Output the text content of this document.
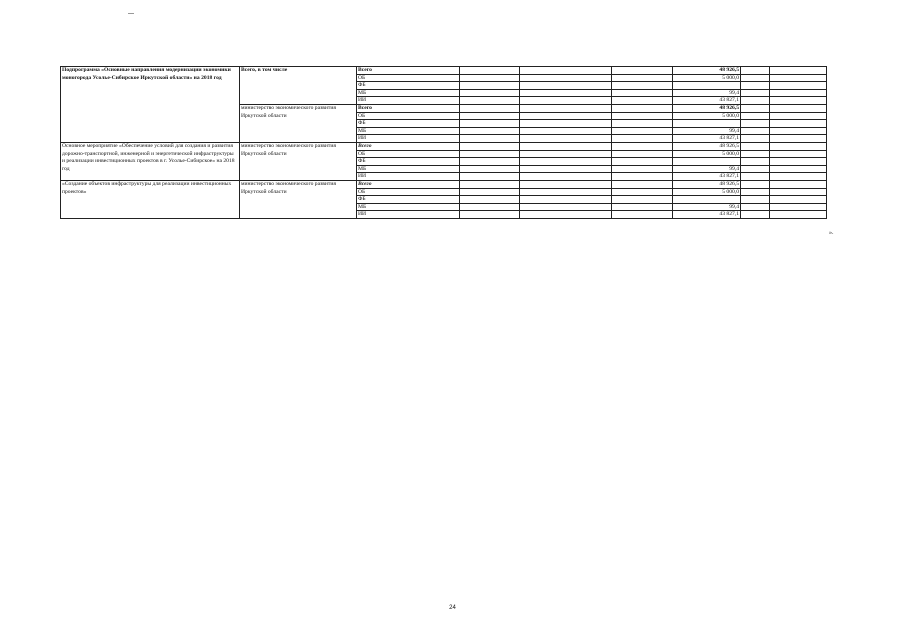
Подпрограмма «Основные направления модернизации экономики моногорода Усолье-Сибирское Иркутской области» на 2018 год	Всего, в том числе	Всего				48 926,5		
		ОБ				5 000,0		
		ФБ						
		МБ				99,4		
		ИИ				43 827,1		
	министерство экономического развития Иркутской области	Всего				48 926,5		
		ОБ				5 000,0		
		ФБ						
		МБ				99,4		
		ИИ				43 827,1		
Основное мероприятие «Обеспечение условий для создания и развития дорожно-транспортной, инженерной и энергетической инфраструктуры и реализации инвестиционных проектов в г. Усолье-Сибирское» на 2018 год	министерство экономического развития Иркутской области	Всего				48 926,5		
		ОБ				5 000,0		
		ФБ						
		МБ				99,4		
		ИИ				43 827,1		
«Создание объектов инфраструктуры для реализации инвестиционных проектов»	министерство экономического развития Иркутской области	Всего				48 926,5		
		ОБ				5 000,0		
		ФБ						
		МБ				99,4		
		ИИ				43 827,1		
».
24
